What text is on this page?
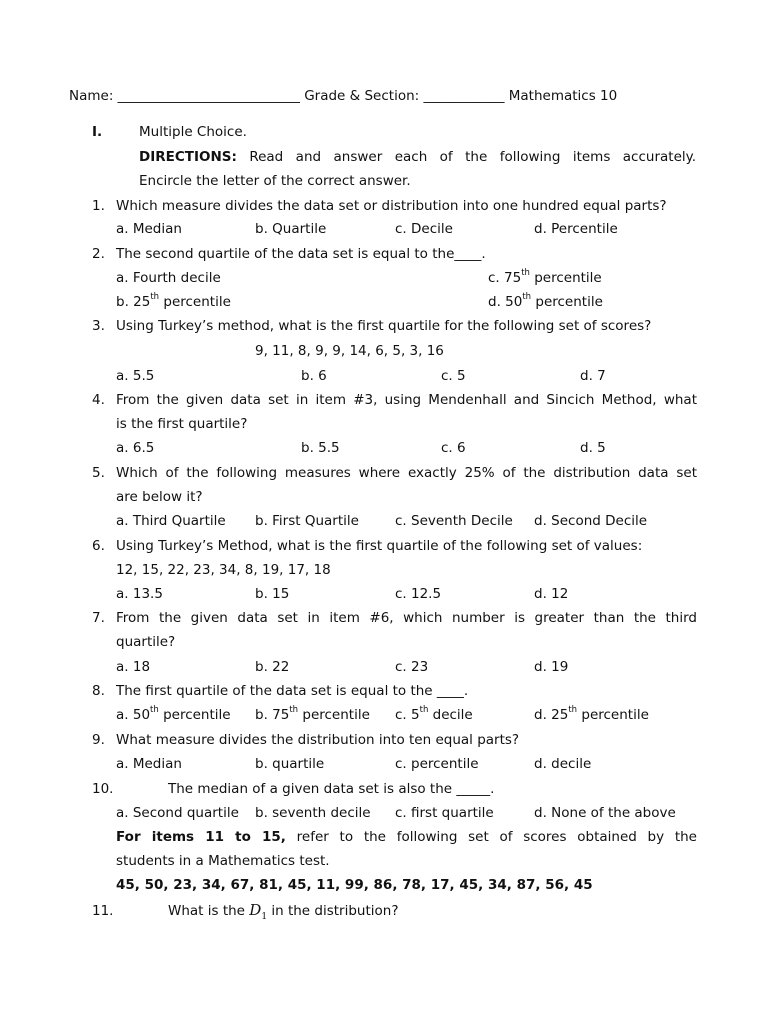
Name: ___________________________ Grade & Section: ____________ Mathematics 10
I.	Multiple Choice.
DIRECTIONS: Read and answer each of the following items accurately.
Encircle the letter of the correct answer.
1. Which measure divides the data set or distribution into one hundred equal parts?
a. Median	b. Quartile	c. Decile	d. Percentile
2. The second quartile of the data set is equal to the____.
a. Fourth decile	c. 75th percentile
b. 25th percentile	d. 50th percentile
3. Using Turkey’s method, what is the first quartile for the following set of scores?
9, 11, 8, 9, 9, 14, 6, 5, 3, 16
a. 5.5	b. 6	c. 5	d. 7
4. From the given data set in item #3, using Mendenhall and Sincich Method, what
is the first quartile?
a. 6.5	b. 5.5	c. 6	d. 5
5. Which of the following measures where exactly 25% of the distribution data set
are below it?
a. Third Quartile b. First Quartile	c. Seventh Decile d. Second Decile
6. Using Turkey’s Method, what is the first quartile of the following set of values:
12, 15, 22, 23, 34, 8, 19, 17, 18
a. 13.5	b. 15	c. 12.5	d. 12
7. From the given data set in item #6, which number is greater than the third
quartile?
a. 18	b. 22	c. 23	d. 19
8. The first quartile of the data set is equal to the ____.
a. 50th percentile b. 75th percentile c. 5th decile	d. 25th percentile
9. What measure divides the distribution into ten equal parts?
a. Median	b. quartile	c. percentile	d. decile
10.	The median of a given data set is also the _____.
a. Second quartile b. seventh decile c. first quartile	d. None of the above
For items 11 to 15, refer to the following set of scores obtained by the
students in a Mathematics test.
45, 50, 23, 34, 67, 81, 45, 11, 99, 86, 78, 17, 45, 34, 87, 56, 45
11.	What is the $D_1$ in the distribution?
